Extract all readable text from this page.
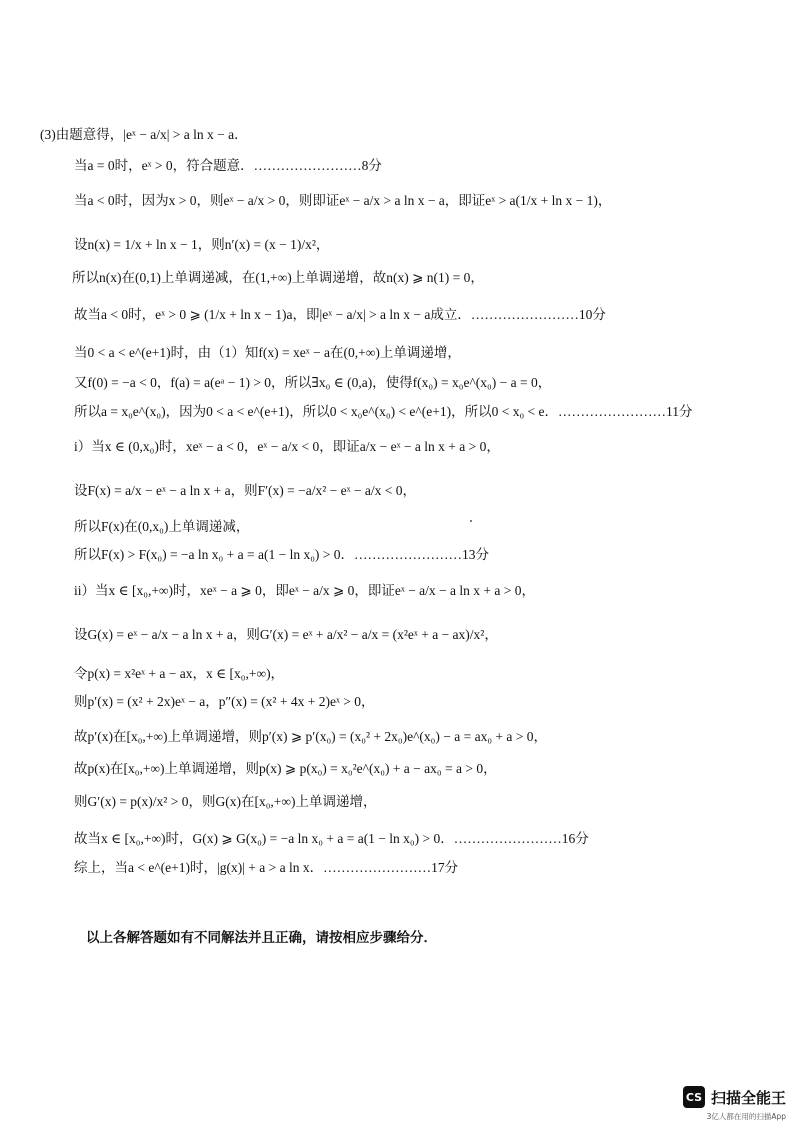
(3)由题意得，|eˣ − a/x| > a ln x − a．
当a = 0时，eˣ > 0，符合题意．……………………8分
当a < 0时，因为x > 0，则eˣ − a/x > 0，则即证eˣ − a/x > a ln x − a，即证eˣ > a(1/x + ln x − 1)，
设n(x) = 1/x + ln x − 1，则n′(x) = (x − 1)/x²，
所以n(x)在(0,1)上单调递减，在(1,+∞)上单调递增，故n(x) ⩾ n(1) = 0，
故当a < 0时，eˣ > 0 ⩾ (1/x + ln x − 1)a，即|eˣ − a/x| > a ln x − a成立．……………………10分
当0 < a < e^(e+1)时，由（1）知f(x) = xeˣ − a在(0,+∞)上单调递增，
又f(0) = −a < 0，f(a) = a(eᵃ − 1) > 0，所以∃x₀ ∈ (0,a)，使得f(x₀) = x₀e^(x₀) − a = 0，
所以a = x₀e^(x₀)，因为0 < a < e^(e+1)，所以0 < x₀e^(x₀) < e^(e+1)，所以0 < x₀ < e．……………………11分
i）当x ∈ (0,x₀)时，xeˣ − a < 0，eˣ − a/x < 0，即证a/x − eˣ − a ln x + a > 0，
设F(x) = a/x − eˣ − a ln x + a，则F′(x) = −a/x² − eˣ − a/x < 0，
所以F(x)在(0,x₀)上单调递减，
所以F(x) > F(x₀) = −a ln x₀ + a = a(1 − ln x₀) > 0．……………………13分
ii）当x ∈ [x₀,+∞)时，xeˣ − a ⩾ 0，即eˣ − a/x ⩾ 0，即证eˣ − a/x − a ln x + a > 0，
设G(x) = eˣ − a/x − a ln x + a，则G′(x) = eˣ + a/x² − a/x = (x²eˣ + a − ax)/x²，
令p(x) = x²eˣ + a − ax，x ∈ [x₀,+∞)，
则p′(x) = (x² + 2x)eˣ − a，p″(x) = (x² + 4x + 2)eˣ > 0，
故p′(x)在[x₀,+∞)上单调递增，则p′(x) ⩾ p′(x₀) = (x₀² + 2x₀)e^(x₀) − a = ax₀ + a > 0，
故p(x)在[x₀,+∞)上单调递增，则p(x) ⩾ p(x₀) = x₀²e^(x₀) + a − ax₀ = a > 0，
则G′(x) = p(x)/x² > 0，则G(x)在[x₀,+∞)上单调递增，
故当x ∈ [x₀,+∞)时，G(x) ⩾ G(x₀) = −a ln x₀ + a = a(1 − ln x₀) > 0．……………………16分
综上，当a < e^(e+1)时，|g(x)| + a > a ln x．……………………17分
以上各解答题如有不同解法并且正确，请按相应步骤给分．
CS 扫描全能王
3亿人都在用的扫描App
